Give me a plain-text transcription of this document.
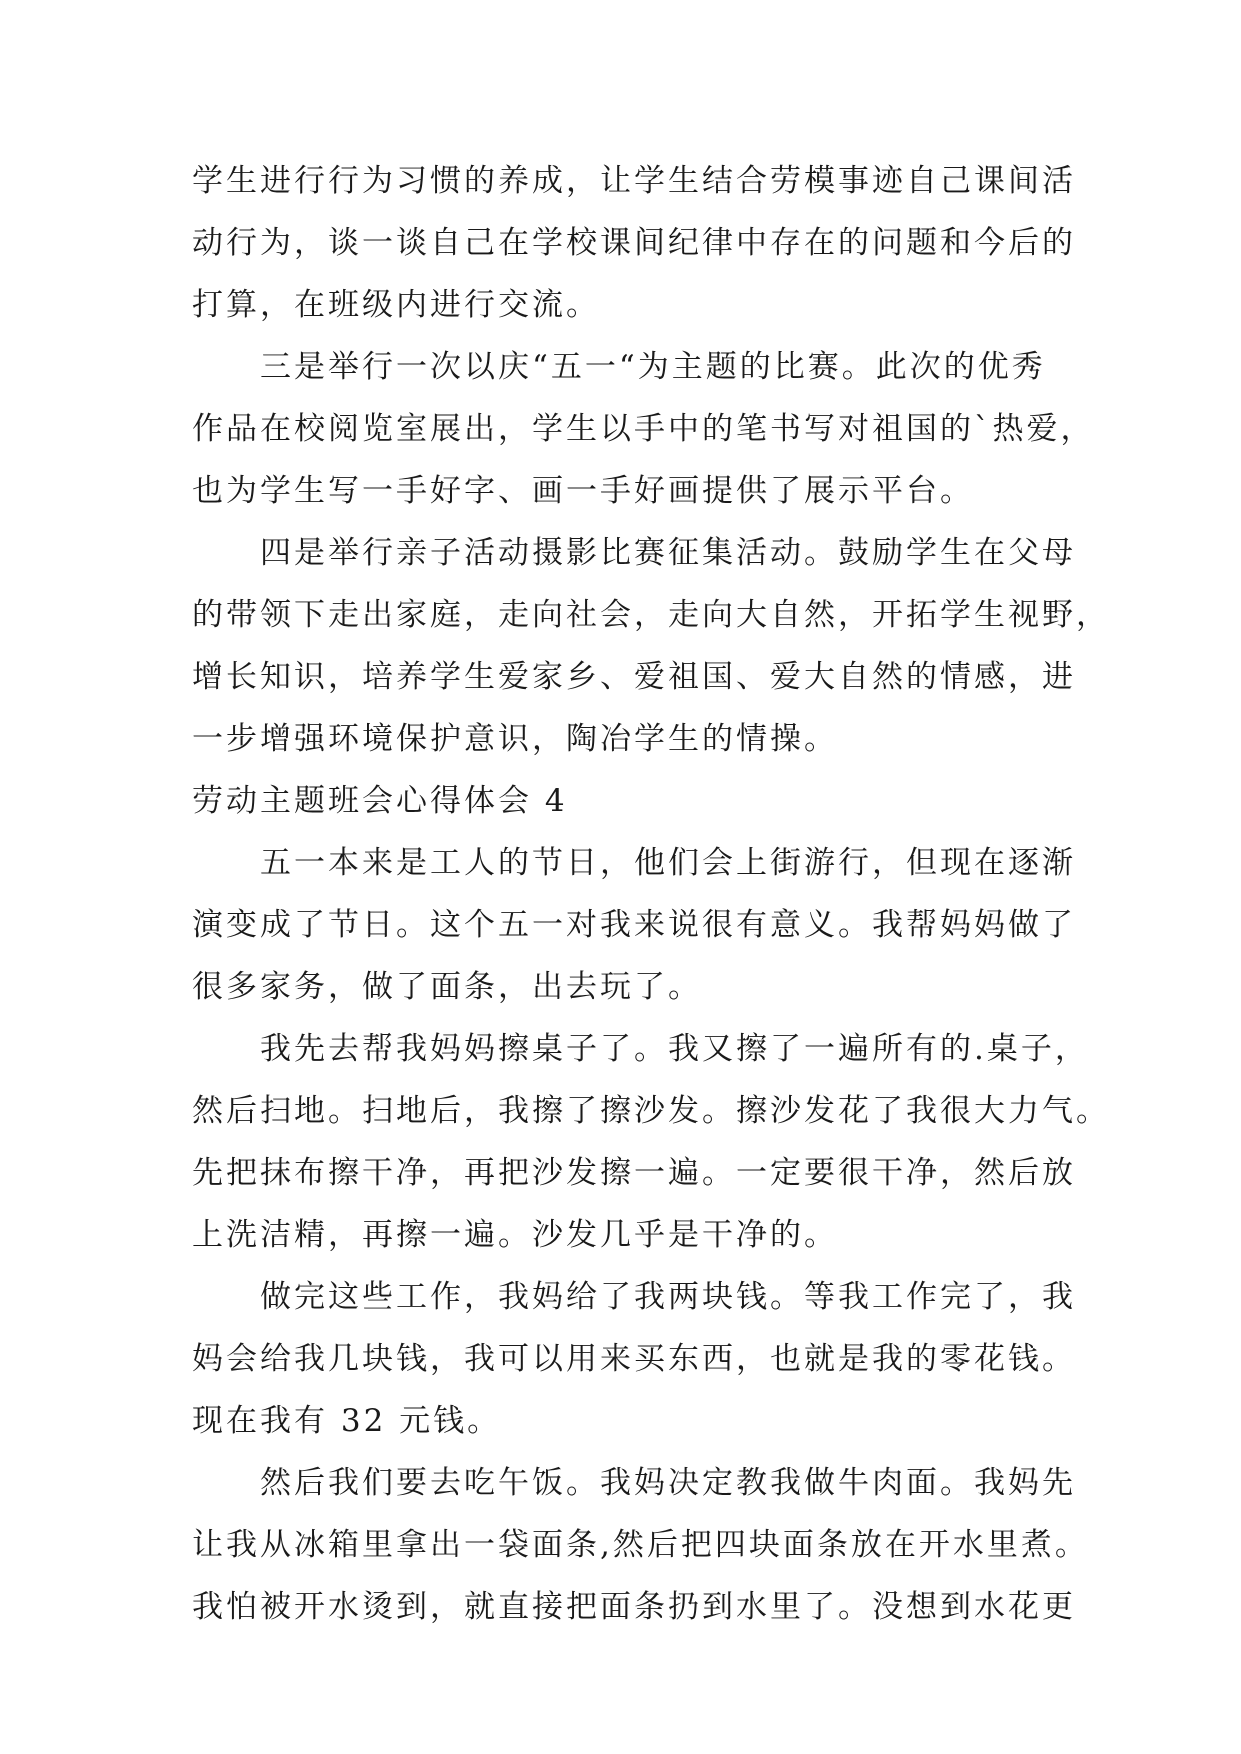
学生进行行为习惯的养成，让学生结合劳模事迹自己课间活
动行为，谈一谈自己在学校课间纪律中存在的问题和今后的
打算，在班级内进行交流。
三是举行一次以庆“五一“为主题的比赛。此次的优秀
作品在校阅览室展出，学生以手中的笔书写对祖国的`热爱，
也为学生写一手好字、画一手好画提供了展示平台。
四是举行亲子活动摄影比赛征集活动。鼓励学生在父母
的带领下走出家庭，走向社会，走向大自然，开拓学生视野，
增长知识，培养学生爱家乡、爱祖国、爱大自然的情感，进
一步增强环境保护意识，陶冶学生的情操。
劳动主题班会心得体会 4
五一本来是工人的节日，他们会上街游行，但现在逐渐
演变成了节日。这个五一对我来说很有意义。我帮妈妈做了
很多家务，做了面条，出去玩了。
我先去帮我妈妈擦桌子了。我又擦了一遍所有的.桌子，
然后扫地。扫地后，我擦了擦沙发。擦沙发花了我很大力气。
先把抹布擦干净，再把沙发擦一遍。一定要很干净，然后放
上洗洁精，再擦一遍。沙发几乎是干净的。
做完这些工作，我妈给了我两块钱。等我工作完了，我
妈会给我几块钱，我可以用来买东西，也就是我的零花钱。
现在我有 32 元钱。
然后我们要去吃午饭。我妈决定教我做牛肉面。我妈先
让我从冰箱里拿出一袋面条,然后把四块面条放在开水里煮。
我怕被开水烫到，就直接把面条扔到水里了。没想到水花更
